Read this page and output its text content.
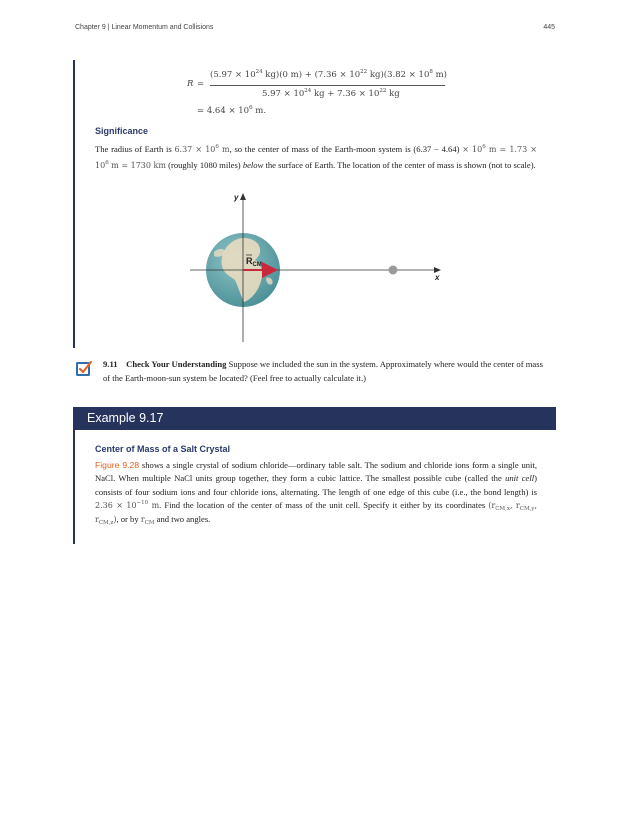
Chapter 9 | Linear Momentum and Collisions	445
R =
($5.97 \times 10^{24}$ kg)(0 $m) + (7.36 \times 10^{22}$ $kg)(3.82 \times 10^8$ m)
$5.97 \times 10^{24}$ kg + $7.36 \times 10^{22}$ kg
= $4.64 \times 10^6$ m.
Significance
The radius of Earth is $6.37 \times 10^6$ m, so the center of mass of the Earth-moon system is $(6.37 - 4.64) \times 10^6$ $m = 1.73 \times 10^6$ m = 1730 km (roughly 1080 miles) below the surface of Earth. The location of the center of mass is shown (not to scale).
y
x
$R_{CM}$
9.11 Check Your Understanding Suppose we included the sun in the system. Approximately where would the center of mass of the Earth-moon-sun system be located? (Feel free to actually calculate it.)
Example 9.17
Center of Mass of a Salt Crystal
Figure 9.28 shows a single crystal of sodium chloride—ordinary table salt. The sodium and chloride ions form a single unit, NaCl. When multiple NaCl units group together, they form a cubic lattice. The smallest possible cube (called the unit cell) consists of four sodium ions and four chloride ions, alternating. The length of one edge of this cube (i.e., the bond length) is $2.36 \times 10^{-10}$ m. Find the location of the center of mass of the unit cell. Specify it either by its coordinates ($r_{CM,x}$, $r_{CM,y}$, $r_{CM,z}$), or by $r_{CM}$ and two angles.
